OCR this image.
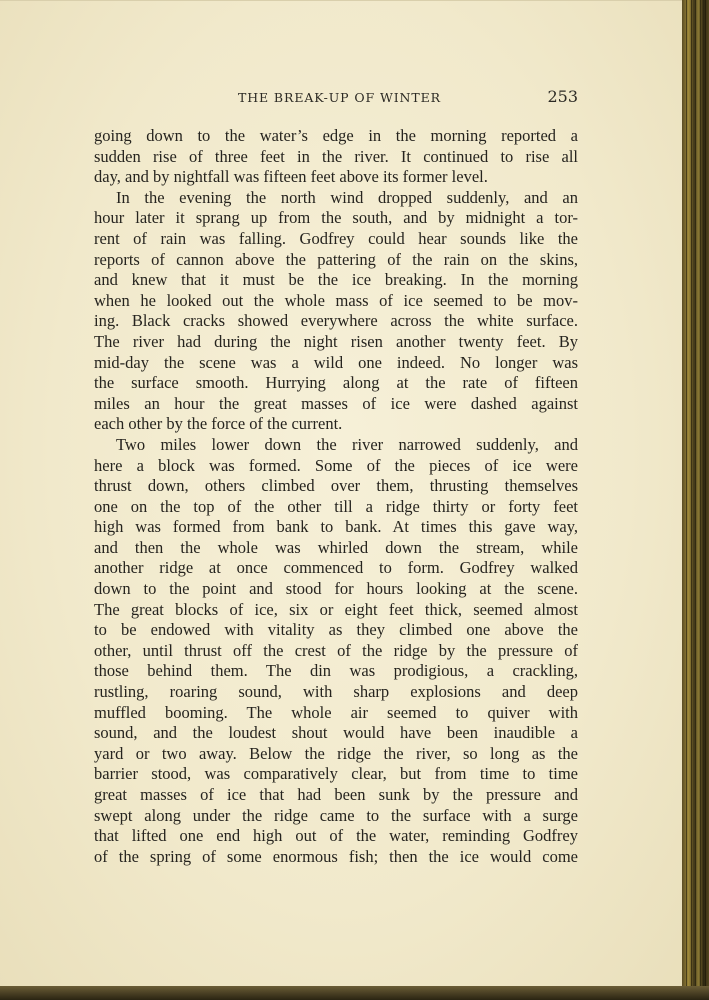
THE BREAK-UP OF WINTER	253
going down to the water’s edge in the morning reported a
sudden rise of three feet in the river. It continued to rise all
day, and by nightfall was fifteen feet above its former level.
In the evening the north wind dropped suddenly, and an
hour later it sprang up from the south, and by midnight a tor-
rent of rain was falling. Godfrey could hear sounds like the
reports of cannon above the pattering of the rain on the skins,
and knew that it must be the ice breaking. In the morning
when he looked out the whole mass of ice seemed to be mov-
ing. Black cracks showed everywhere across the white surface.
The river had during the night risen another twenty feet. By
mid-day the scene was a wild one indeed. No longer was
the surface smooth. Hurrying along at the rate of fifteen
miles an hour the great masses of ice were dashed against
each other by the force of the current.
Two miles lower down the river narrowed suddenly, and
here a block was formed. Some of the pieces of ice were
thrust down, others climbed over them, thrusting themselves
one on the top of the other till a ridge thirty or forty feet
high was formed from bank to bank. At times this gave way,
and then the whole was whirled down the stream, while
another ridge at once commenced to form. Godfrey walked
down to the point and stood for hours looking at the scene.
The great blocks of ice, six or eight feet thick, seemed almost
to be endowed with vitality as they climbed one above the
other, until thrust off the crest of the ridge by the pressure of
those behind them. The din was prodigious, a crackling,
rustling, roaring sound, with sharp explosions and deep
muffled booming. The whole air seemed to quiver with
sound, and the loudest shout would have been inaudible a
yard or two away. Below the ridge the river, so long as the
barrier stood, was comparatively clear, but from time to time
great masses of ice that had been sunk by the pressure and
swept along under the ridge came to the surface with a surge
that lifted one end high out of the water, reminding Godfrey
of the spring of some enormous fish; then the ice would come
